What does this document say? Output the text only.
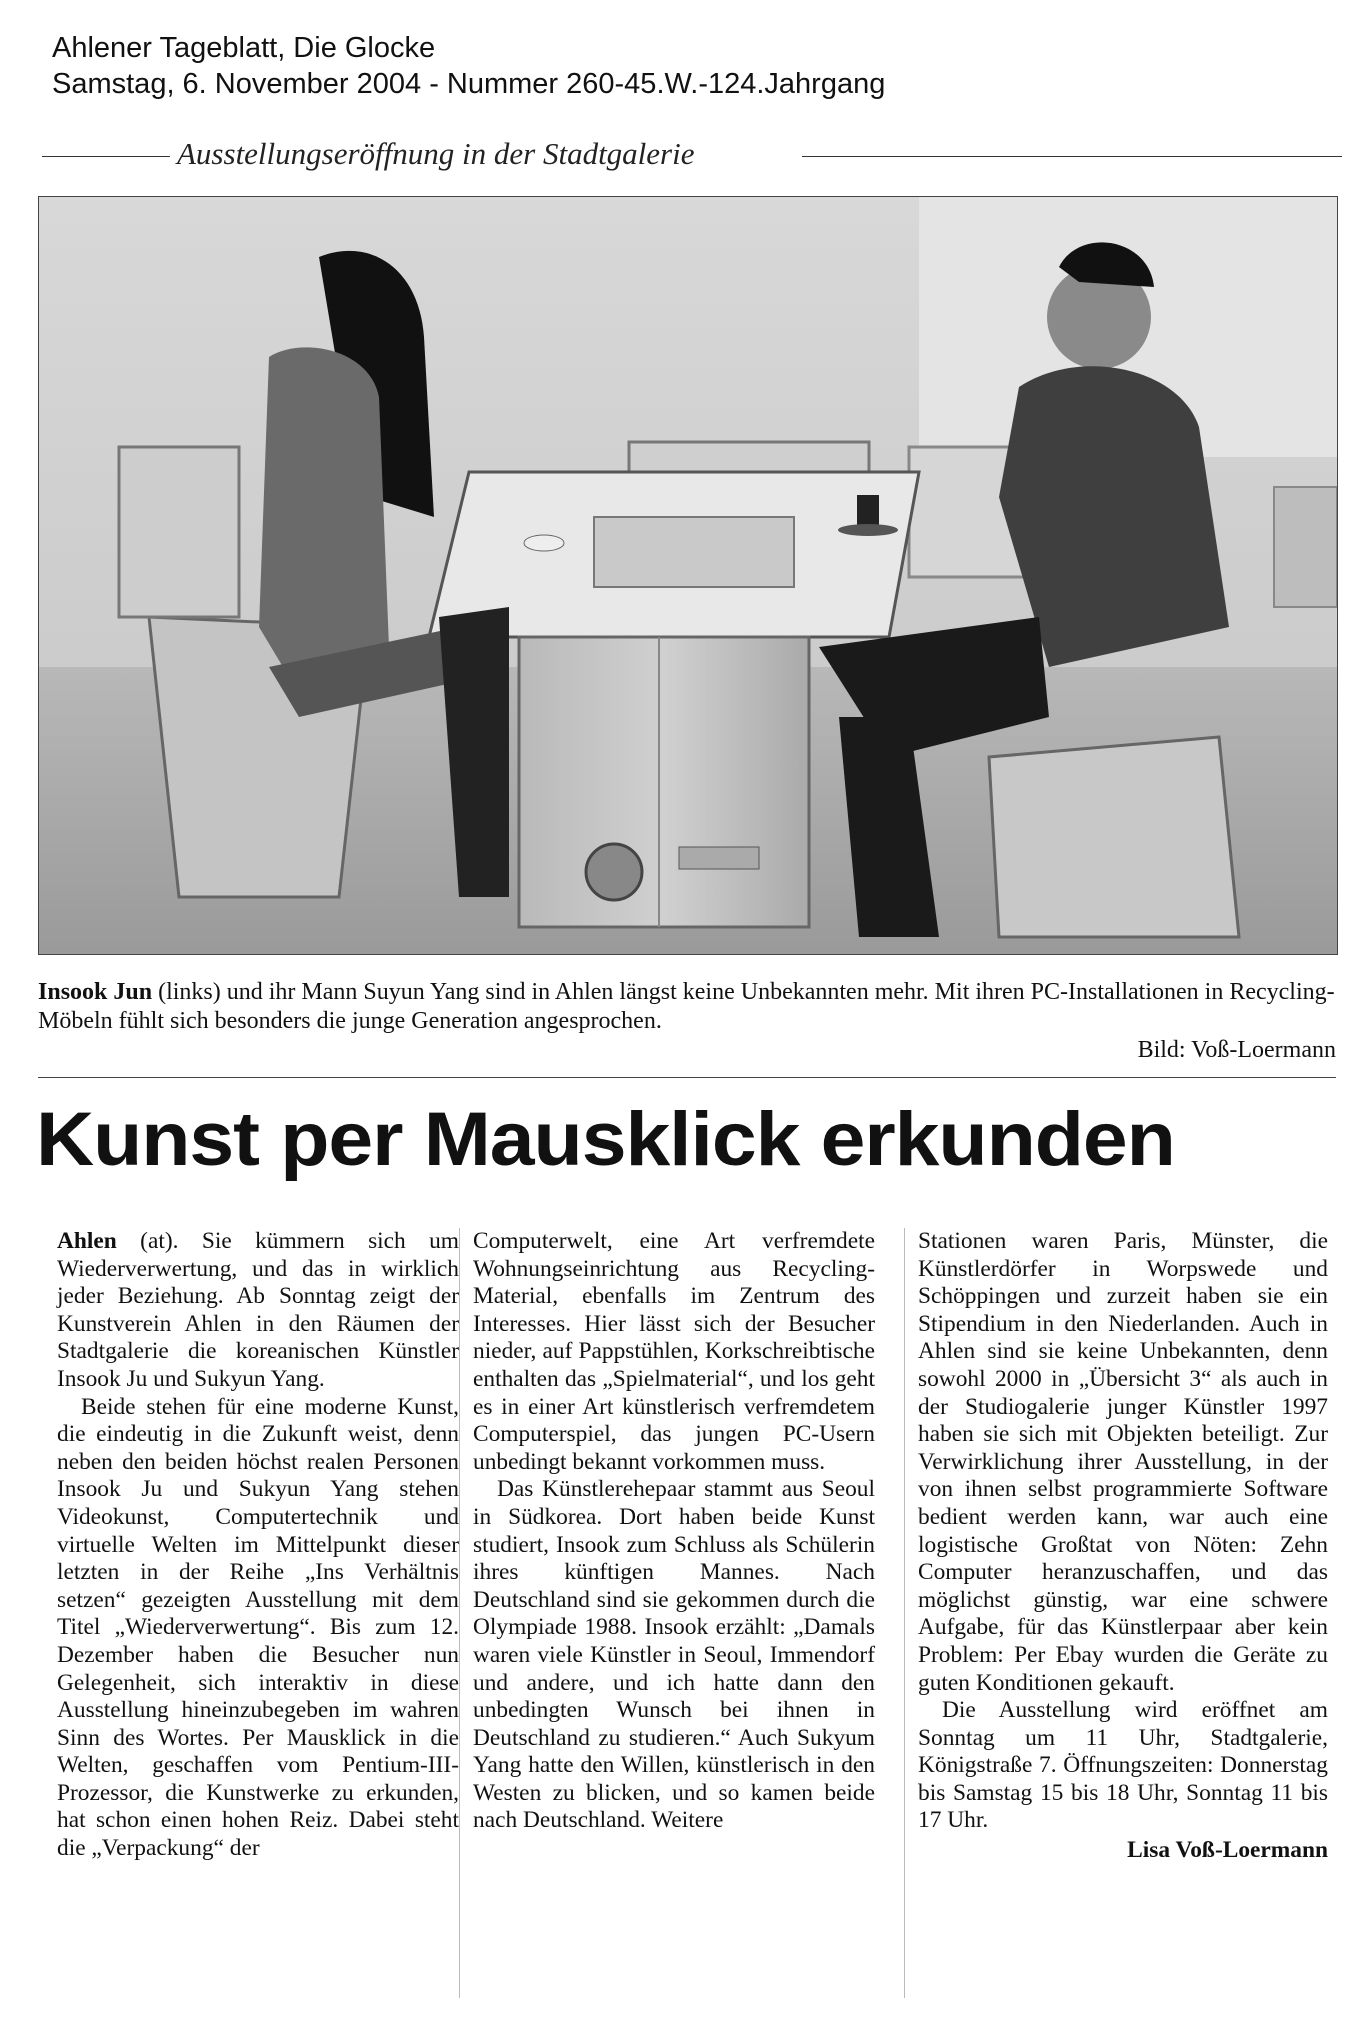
Ahlener Tageblatt, Die Glocke
Samstag, 6. November 2004 - Nummer 260-45.W.-124.Jahrgang
Ausstellungseröffnung in der Stadtgalerie
Insook Jun (links) und ihr Mann Suyun Yang sind in Ahlen längst keine Unbekannten mehr. Mit ihren PC-Installationen in Recycling-Möbeln fühlt sich besonders die junge Generation angesprochen.
Bild: Voß-Loermann
Kunst per Mausklick erkunden

Ahlen (at). Sie kümmern sich um Wiederverwertung, und das in wirklich jeder Beziehung. Ab Sonntag zeigt der Kunstverein Ahlen in den Räumen der Stadtgalerie die koreanischen Künstler Insook Ju und Sukyun Yang.

Beide stehen für eine moderne Kunst, die eindeutig in die Zukunft weist, denn neben den beiden höchst realen Personen Insook Ju und Sukyun Yang stehen Videokunst, Computertechnik und virtuelle Welten im Mittelpunkt dieser letzten in der Reihe „Ins Verhältnis setzen“ gezeigten Ausstellung mit dem Titel „Wiederverwertung“. Bis zum 12. Dezember haben die Besucher nun Gelegenheit, sich interaktiv in diese Ausstellung hineinzubegeben im wahren Sinn des Wortes. Per Mausklick in die Welten, geschaffen vom Pentium-III-Prozessor, die Kunstwerke zu erkunden, hat schon einen hohen Reiz. Dabei steht die „Verpackung“ der

Computerwelt, eine Art verfremdete Wohnungseinrichtung aus Recycling-Material, ebenfalls im Zentrum des Interesses. Hier lässt sich der Besucher nieder, auf Pappstühlen, Korkschreibtische enthalten das „Spielmaterial“, und los geht es in einer Art künstlerisch verfremdetem Computerspiel, das jungen PC-Usern unbedingt bekannt vorkommen muss.

Das Künstlerehepaar stammt aus Seoul in Südkorea. Dort haben beide Kunst studiert, Insook zum Schluss als Schülerin ihres künftigen Mannes. Nach Deutschland sind sie gekommen durch die Olympiade 1988. Insook erzählt: „Damals waren viele Künstler in Seoul, Immendorf und andere, und ich hatte dann den unbedingten Wunsch bei ihnen in Deutschland zu studieren.“ Auch Sukyum Yang hatte den Willen, künstlerisch in den Westen zu blicken, und so kamen beide nach Deutschland. Weitere

Stationen waren Paris, Münster, die Künstlerdörfer in Worpswede und Schöppingen und zurzeit haben sie ein Stipendium in den Niederlanden. Auch in Ahlen sind sie keine Unbekannten, denn sowohl 2000 in „Übersicht 3“ als auch in der Studiogalerie junger Künstler 1997 haben sie sich mit Objekten beteiligt. Zur Verwirklichung ihrer Ausstellung, in der von ihnen selbst programmierte Software bedient werden kann, war auch eine logistische Großtat von Nöten: Zehn Computer heranzuschaffen, und das möglichst günstig, war eine schwere Aufgabe, für das Künstlerpaar aber kein Problem: Per Ebay wurden die Geräte zu guten Konditionen gekauft.

Die Ausstellung wird eröffnet am Sonntag um 11 Uhr, Stadtgalerie, Königstraße 7. Öffnungszeiten: Donnerstag bis Samstag 15 bis 18 Uhr, Sonntag 11 bis 17 Uhr.

Lisa Voß-Loermann
